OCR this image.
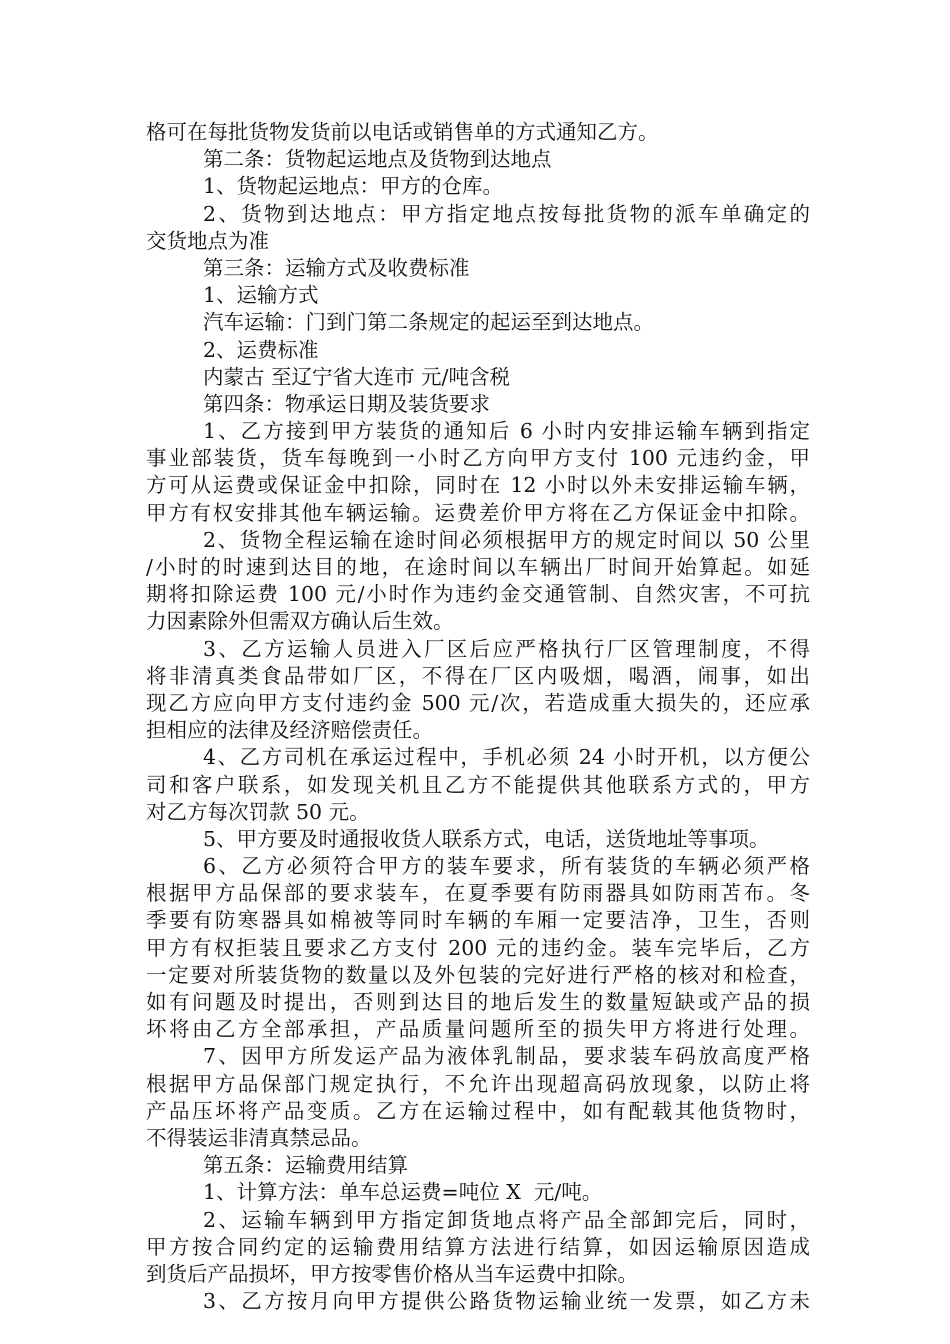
格可在每批货物发货前以电话或销售单的方式通知乙方。
第二条：货物起运地点及货物到达地点
1、货物起运地点：甲方的仓库。
2、货物到达地点：甲方指定地点按每批货物的派车单确定的
交货地点为准
第三条：运输方式及收费标准
1、运输方式
汽车运输：门到门第二条规定的起运至到达地点。
2、运费标准
内蒙古 至辽宁省大连市 元/吨含税
第四条：物承运日期及装货要求
1、乙方接到甲方装货的通知后 6 小时内安排运输车辆到指定
事业部装货，货车每晚到一小时乙方向甲方支付 100 元违约金，甲
方可从运费或保证金中扣除，同时在 12 小时以外未安排运输车辆，
甲方有权安排其他车辆运输。运费差价甲方将在乙方保证金中扣除。
2、货物全程运输在途时间必须根据甲方的规定时间以 50 公里
/小时的时速到达目的地，在途时间以车辆出厂时间开始算起。如延
期将扣除运费 100 元/小时作为违约金交通管制、自然灾害，不可抗
力因素除外但需双方确认后生效。
3、乙方运输人员进入厂区后应严格执行厂区管理制度，不得
将非清真类食品带如厂区，不得在厂区内吸烟，喝酒，闹事，如出
现乙方应向甲方支付违约金 500 元/次，若造成重大损失的，还应承
担相应的法律及经济赔偿责任。
4、乙方司机在承运过程中，手机必须 24 小时开机，以方便公
司和客户联系，如发现关机且乙方不能提供其他联系方式的，甲方
对乙方每次罚款 50 元。
5、甲方要及时通报收货人联系方式，电话，送货地址等事项。
6、乙方必须符合甲方的装车要求，所有装货的车辆必须严格
根据甲方品保部的要求装车，在夏季要有防雨器具如防雨苫布。冬
季要有防寒器具如棉被等同时车辆的车厢一定要洁净，卫生，否则
甲方有权拒装且要求乙方支付 200 元的违约金。装车完毕后，乙方
一定要对所装货物的数量以及外包装的完好进行严格的核对和检查，
如有问题及时提出，否则到达目的地后发生的数量短缺或产品的损
坏将由乙方全部承担，产品质量问题所至的损失甲方将进行处理。
7、因甲方所发运产品为液体乳制品，要求装车码放高度严格
根据甲方品保部门规定执行，不允许出现超高码放现象，以防止将
产品压坏将产品变质。乙方在运输过程中，如有配载其他货物时，
不得装运非清真禁忌品。
第五条：运输费用结算
1、计算方法：单车总运费=吨位 X  元/吨。
2、运输车辆到甲方指定卸货地点将产品全部卸完后，同时，
甲方按合同约定的运输费用结算方法进行结算，如因运输原因造成
到货后产品损坏，甲方按零售价格从当车运费中扣除。
3、乙方按月向甲方提供公路货物运输业统一发票，如乙方未
